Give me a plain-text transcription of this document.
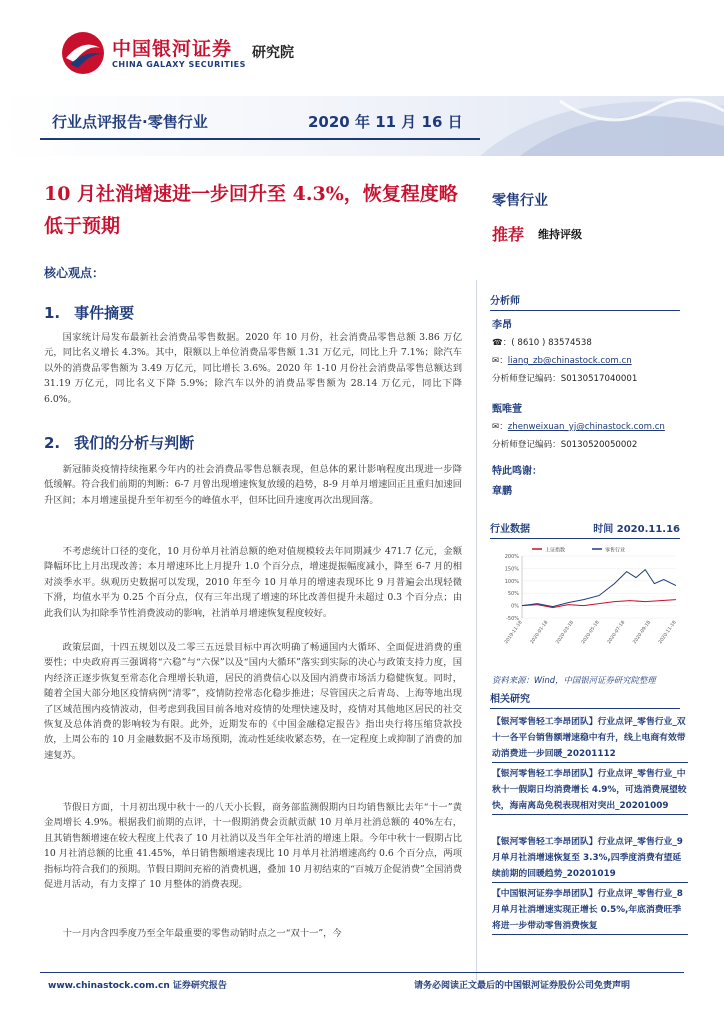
中国银河证券 研究院
CHINA GALAXY SECURITIES
行业点评报告·零售行业	2020 年 11 月 16 日
10 月社消增速进一步回升至 4.3%，恢复程度略低于预期
核心观点：
1. 事件摘要

国家统计局发布最新社会消费品零售数据。2020 年 10 月份，社会消费品零售总额 3.86 万亿元，同比名义增长 4.3%。其中，限额以上单位消费品零售额 1.31 万亿元，同比上升 7.1%；除汽车以外的消费品零售额为 3.49 万亿元，同比增长 3.6%。2020 年 1-10 月份社会消费品零售总额达到 31.19 万亿元，同比名义下降 5.9%；除汽车以外的消费品零售额为 28.14 万亿元，同比下降 6.0%。

2. 我们的分析与判断

新冠肺炎疫情持续拖累今年内的社会消费品零售总额表现，但总体的累计影响程度出现进一步降低缓解。符合我们前期的判断：6-7 月曾出现增速恢复放缓的趋势，8-9 月单月增速回正且重归加速回升区间；本月增速虽提升至年初至今的峰值水平，但环比回升速度再次出现回落。

不考虑统计口径的变化，10 月份单月社消总额的绝对值规模较去年同期减少 471.7 亿元，金额降幅环比上月出现改善；本月增速环比上月提升 1.0 个百分点，增速提振幅度减小，降至 6-7 月的相对淡季水平。纵观历史数据可以发现，2010 年至今 10 月单月的增速表现环比 9 月普遍会出现轻微下滑，均值水平为 0.25 个百分点，仅有三年出现了增速的环比改善但提升未超过 0.3 个百分点；由此我们认为扣除季节性消费波动的影响，社消单月增速恢复程度较好。

政策层面，十四五规划以及二零三五远景目标中再次明确了畅通国内大循环、全面促进消费的重要性；中央政府再三强调将“六稳”与“六保”以及“国内大循环”落实到实际的决心与政策支持力度，国内经济正逐步恢复至常态化合理增长轨道，居民的消费信心以及国内消费市场活力稳健恢复。同时，随着全国大部分地区疫情病例“清零”，疫情防控常态化稳步推进；尽管国庆之后青岛、上海等地出现了区域范围内疫情波动，但考虑到我国目前各地对疫情的处理快速及时，疫情对其他地区居民的社交恢复及总体消费的影响较为有限。此外，近期发布的《中国金融稳定报告》指出央行将压缩贷款投放，上周公布的 10 月金融数据不及市场预期，流动性延续收紧态势，在一定程度上或抑制了消费的加速复苏。

节假日方面，十月初出现中秋十一的八天小长假，商务部监测假期内日均销售额比去年“十一”黄金周增长 4.9%。根据我们前期的点评，十一假期消费会贡献贡献 10 月单月社消总额的 40%左右，且其销售额增速在较大程度上代表了 10 月社消以及当年全年社消的增速上限。今年中秋十一假期占比 10 月社消总额的比重 41.45%，单日销售额增速表现比 10 月单月社消增速高约 0.6 个百分点，两项指标均符合我们的预期。节假日期间充裕的消费机遇，叠加 10 月初结束的“百城万企促消费”全国消费促进月活动，有力支撑了 10 月整体的消费表现。

十一月内含四季度乃至全年最重要的零售动销时点之一“双十一”，今

零售行业
推荐 维持评级
分析师
李昂
☎：( 8610 ) 83574538
✉：liang_zb@chinastock.com.cn
分析师登记编码：S0130517040001
甄唯萱
✉：zhenweixuan_yj@chinastock.com.cn
分析师登记编码：S0130520050002
特此鸣谢：
章鹏
行业数据	时间 2020.11.16
上证指数	零售行业
200%
150%
100%
50%
0%
-50%
2019-11-18 2020-01-18 2020-03-18 2020-05-18 2020-07-18 2020-09-18 2020-11-18
资料来源：Wind，中国银河证券研究院整理
相关研究
【银河零售轻工李昂团队】行业点评_零售行业_双十一各平台销售额增速稳中有升，线上电商有效带动消费进一步回暖_20201112
【银河零售轻工李昂团队】行业点评_零售行业_中秋十一假期日均消费增长 4.9%，可选消费展望较快，海南离岛免税表现相对突出_20201009
【银河零售轻工李昂团队】行业点评_零售行业_9 月单月社消增速恢复至 3.3%,四季度消费有望延续前期的回暖趋势_20201019
【中国银河证券李昂团队】行业点评_零售行业_8 月单月社消增速实现正增长 0.5%,年底消费旺季将进一步带动零售消费恢复
www.chinastock.com.cn 证券研究报告	请务必阅读正文最后的中国银河证券股份公司免责声明
